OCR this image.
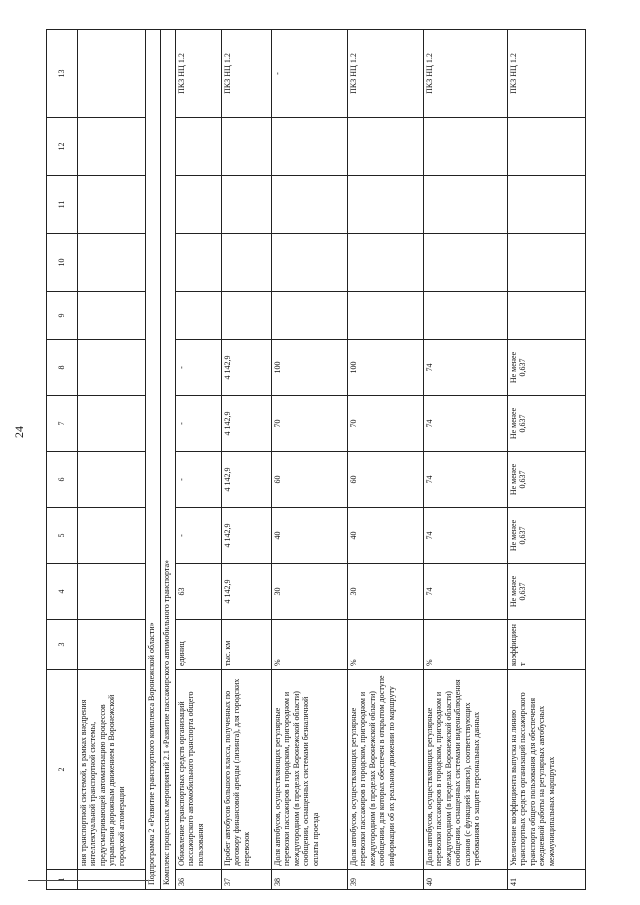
24
1	2	3	4	5	6	7	8	9	10	11	12	13
	ния транспортной системой, в рамках внедрения интеллектуальной транспортной системы, предусматривающей автоматизацию процессов управления дорожным движением в Воронежской городской агломерации											
Подпрограмма 2 «Развитие транспортного комплекса Воронежской области»												
Комплекс процессных мероприятий 2.1 «Развитие пассажирского автомобильного транспорта»												
36	Обновление транспортных средств организаций пассажирского автомобильного транспорта общего пользования	единиц	63	-	-	-	-					ПКЗ НЦ 1.2
37	Пробег автобусов большого класса, полученных по договору финансовой аренды (лизинга), для городских перевозок	тыс. км	4 142,9	4 142,9	4 142,9	4 142,9	4 142,9					ПКЗ НЦ 1.2
38	Доля автобусов, осуществляющих регулярные перевозки пассажиров в городском, пригородном и междугородном (в пределах Воронежской области) сообщении, оснащенных системами безналичной оплаты проезда	%	30	40	60	70	100					-
39	Доля автобусов, осуществляющих регулярные перевозки пассажиров в городском, пригородном и междугородном (в пределах Воронежской области) сообщении, для которых обеспечен в открытом доступе информации об их реальном движении по маршруту	%	30	40	60	70	100					ПКЗ НЦ 1.2
40	Доля автобусов, осуществляющих регулярные перевозки пассажиров в городском, пригородном и междугородном (в пределах Воронежской области) сообщении, оснащенных системами видеонаблюдения салонов (с функцией записи), соответствующих требованиям о защите персональных данных	%	74	74	74	74	74					ПКЗ НЦ 1.2
41	Увеличение коэффициента выпуска на линию транспортных средств организаций пассажирского транспорта общего пользования для обеспечения ежедневной работы на регулярных автобусных межмуниципальных маршрутах	коэффициент	Не менее 0,637	Не менее 0,637	Не менее 0,637	Не менее 0,637	Не менее 0,637					ПКЗ НЦ 1.2
